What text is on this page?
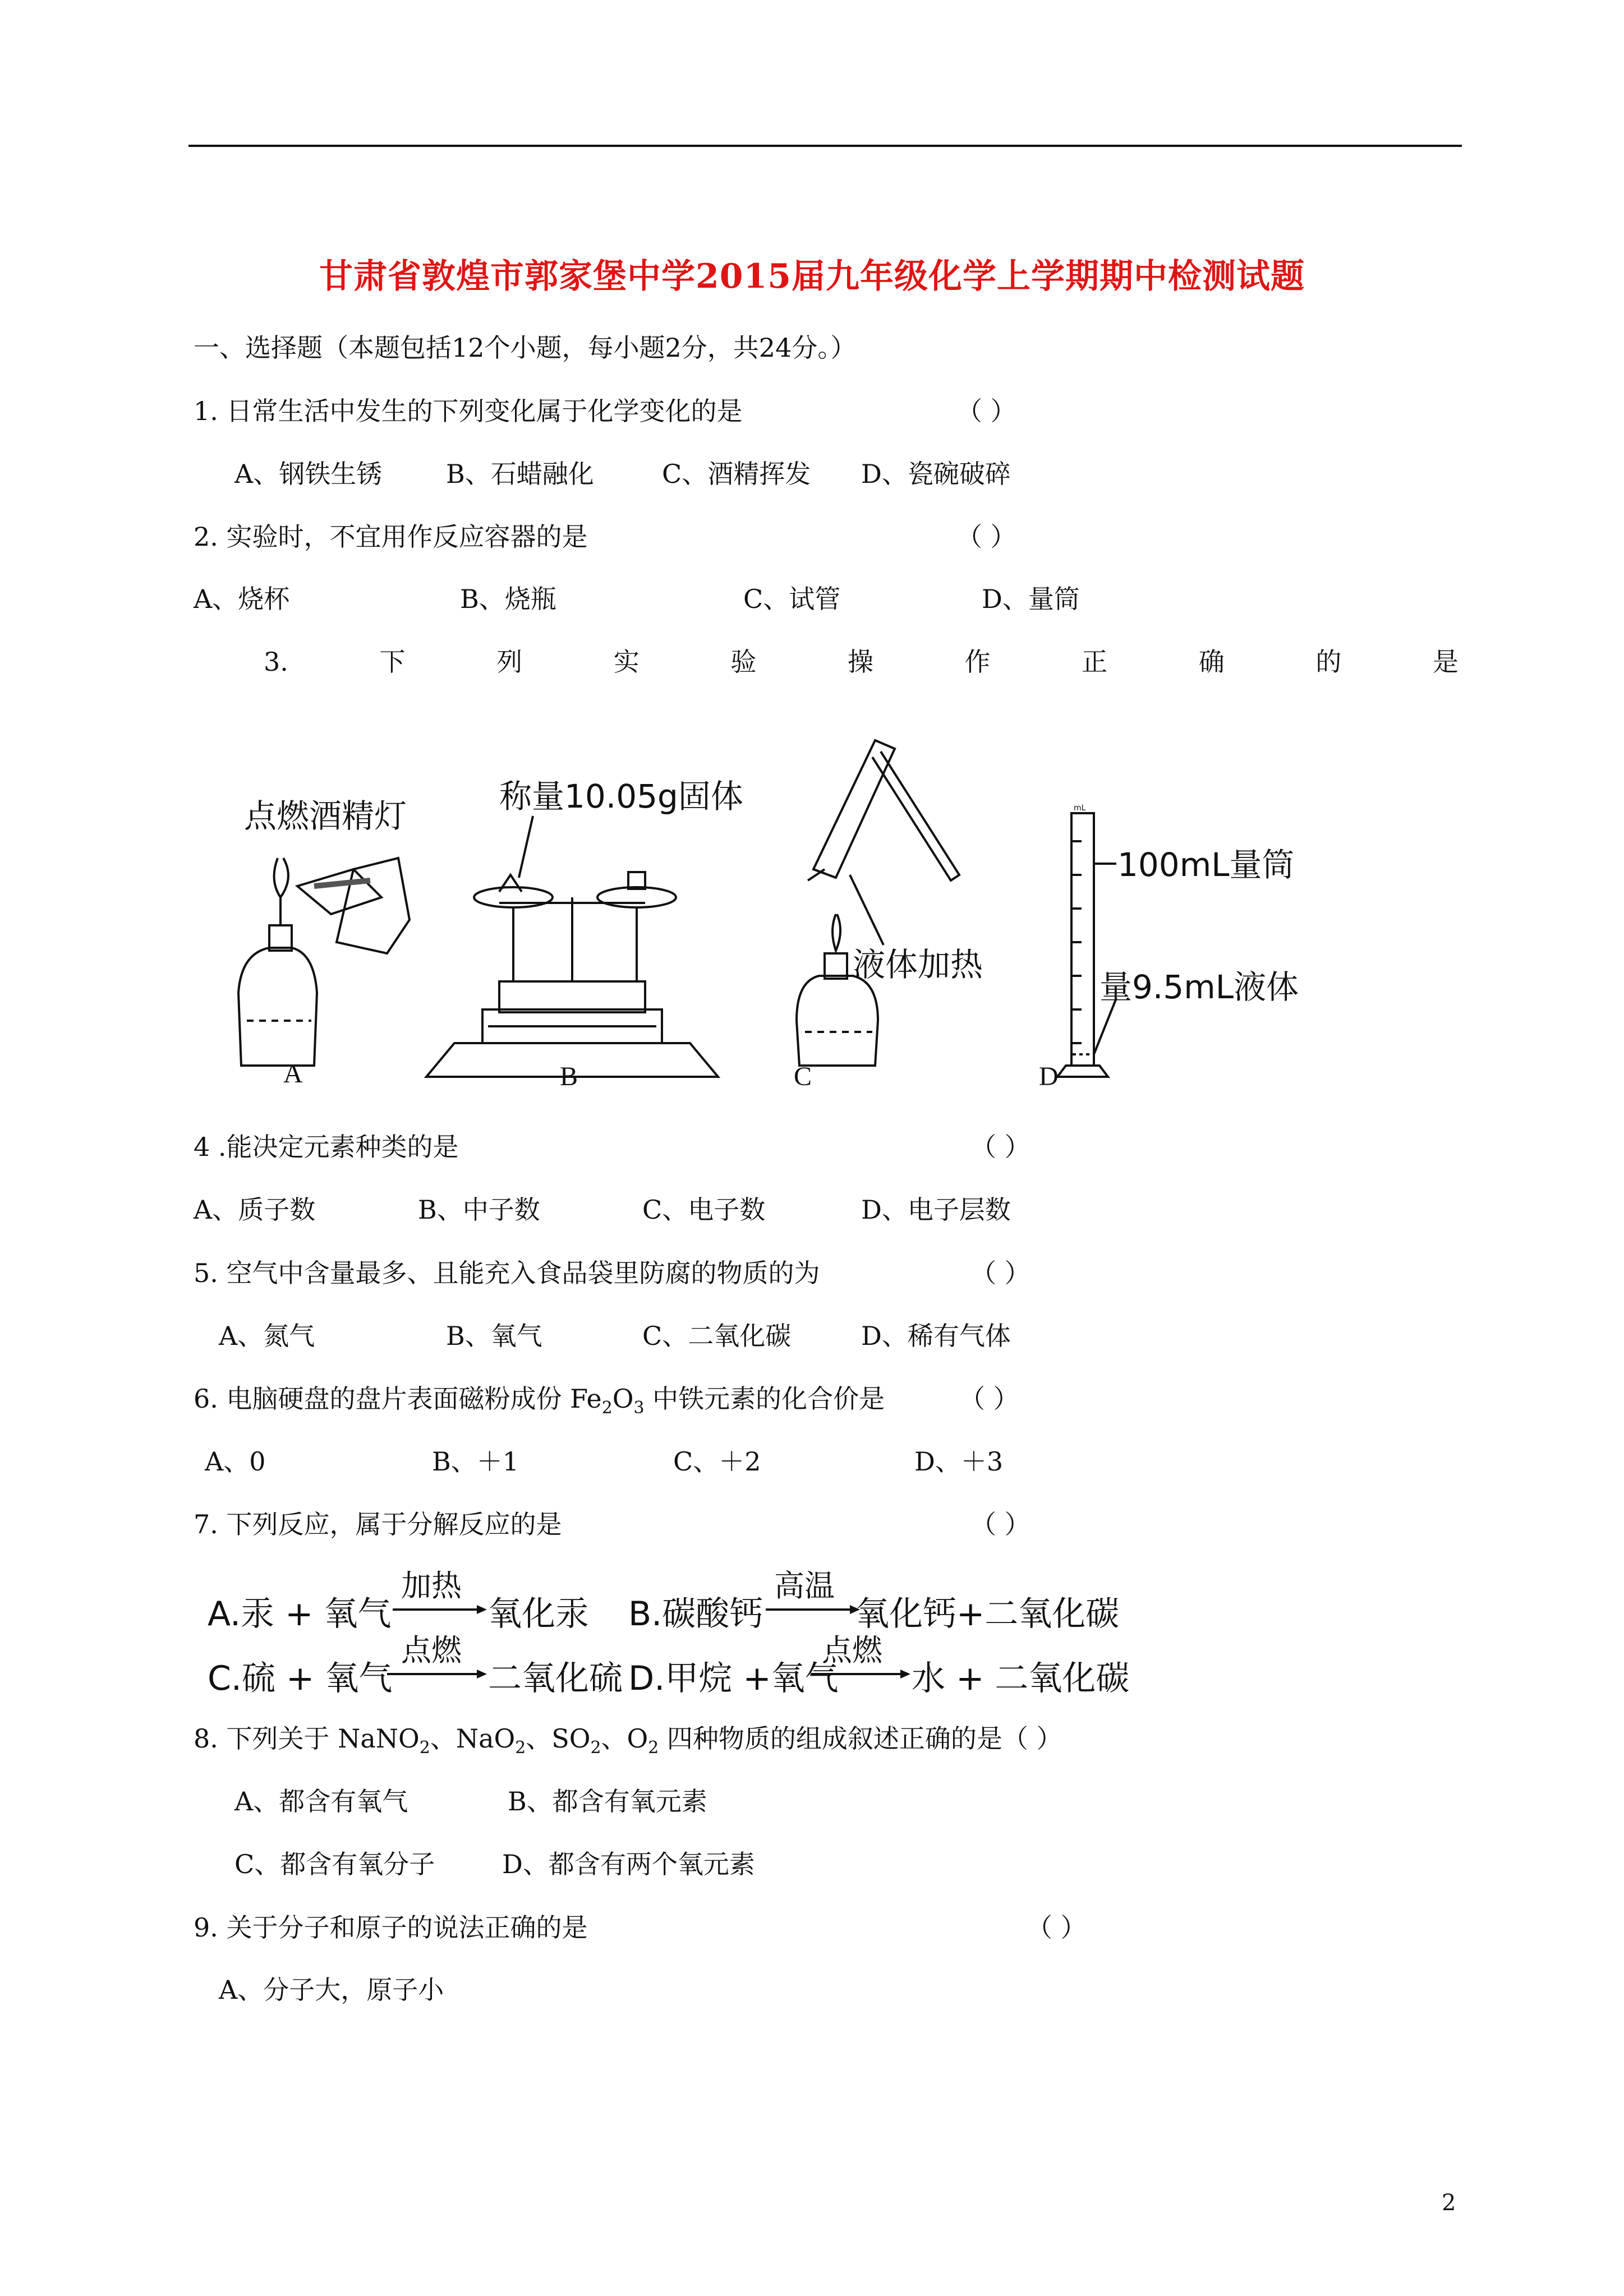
甘肃省敦煌市郭家堡中学2015届九年级化学上学期期中检测试题
一、选择题（本题包括12个小题，每小题2分，共24分。）
1. 日常生活中发生的下列变化属于化学变化的是	（ ）
A、钢铁生锈 B、石蜡融化	C、酒精挥发 D、瓷碗破碎
2. 实验时，不宜用作反应容器的是	（ ）
A、烧杯	B、烧瓶	C、试管	D、量筒
3.	下	列	实	验	操	作	正	确	的	是
点燃酒精灯
A
称量10.05g固体
B
液体加热
C
mL
100mL量筒
量9.5mL液体
D
4 .能决定元素种类的是	（ ）
A、质子数	B、中子数	C、电子数	D、电子层数
5. 空气中含量最多、且能充入食品袋里防腐的物质的为	（ ）
A、氮气	B、氧气	C、二氧化碳	D、稀有气体
6. 电脑硬盘的盘片表面磁粉成份 $Fe_2O_3$ 中铁元素的化合价是	（ ）
A、0	B、＋1	C、＋2	D、＋3
7. 下列反应，属于分解反应的是	（ ）
A.汞 + 氧气
加热
氧化汞 B.碳酸钙
高温
氧化钙+二氧化碳
C.硫 + 氧气
点燃
二氧化硫 D.甲烷 +氧气
点燃
水 + 二氧化碳
8. 下列关于 NaNO$_2$、NaO$_2$、$SO_2$、$O_2$ 四种物质的组成叙述正确的是（ ）
A、都含有氧气	B、都含有氧元素
C、都含有氧分子	D、都含有两个氧元素
9. 关于分子和原子的说法正确的是	（ ）
A、分子大，原子小
2
